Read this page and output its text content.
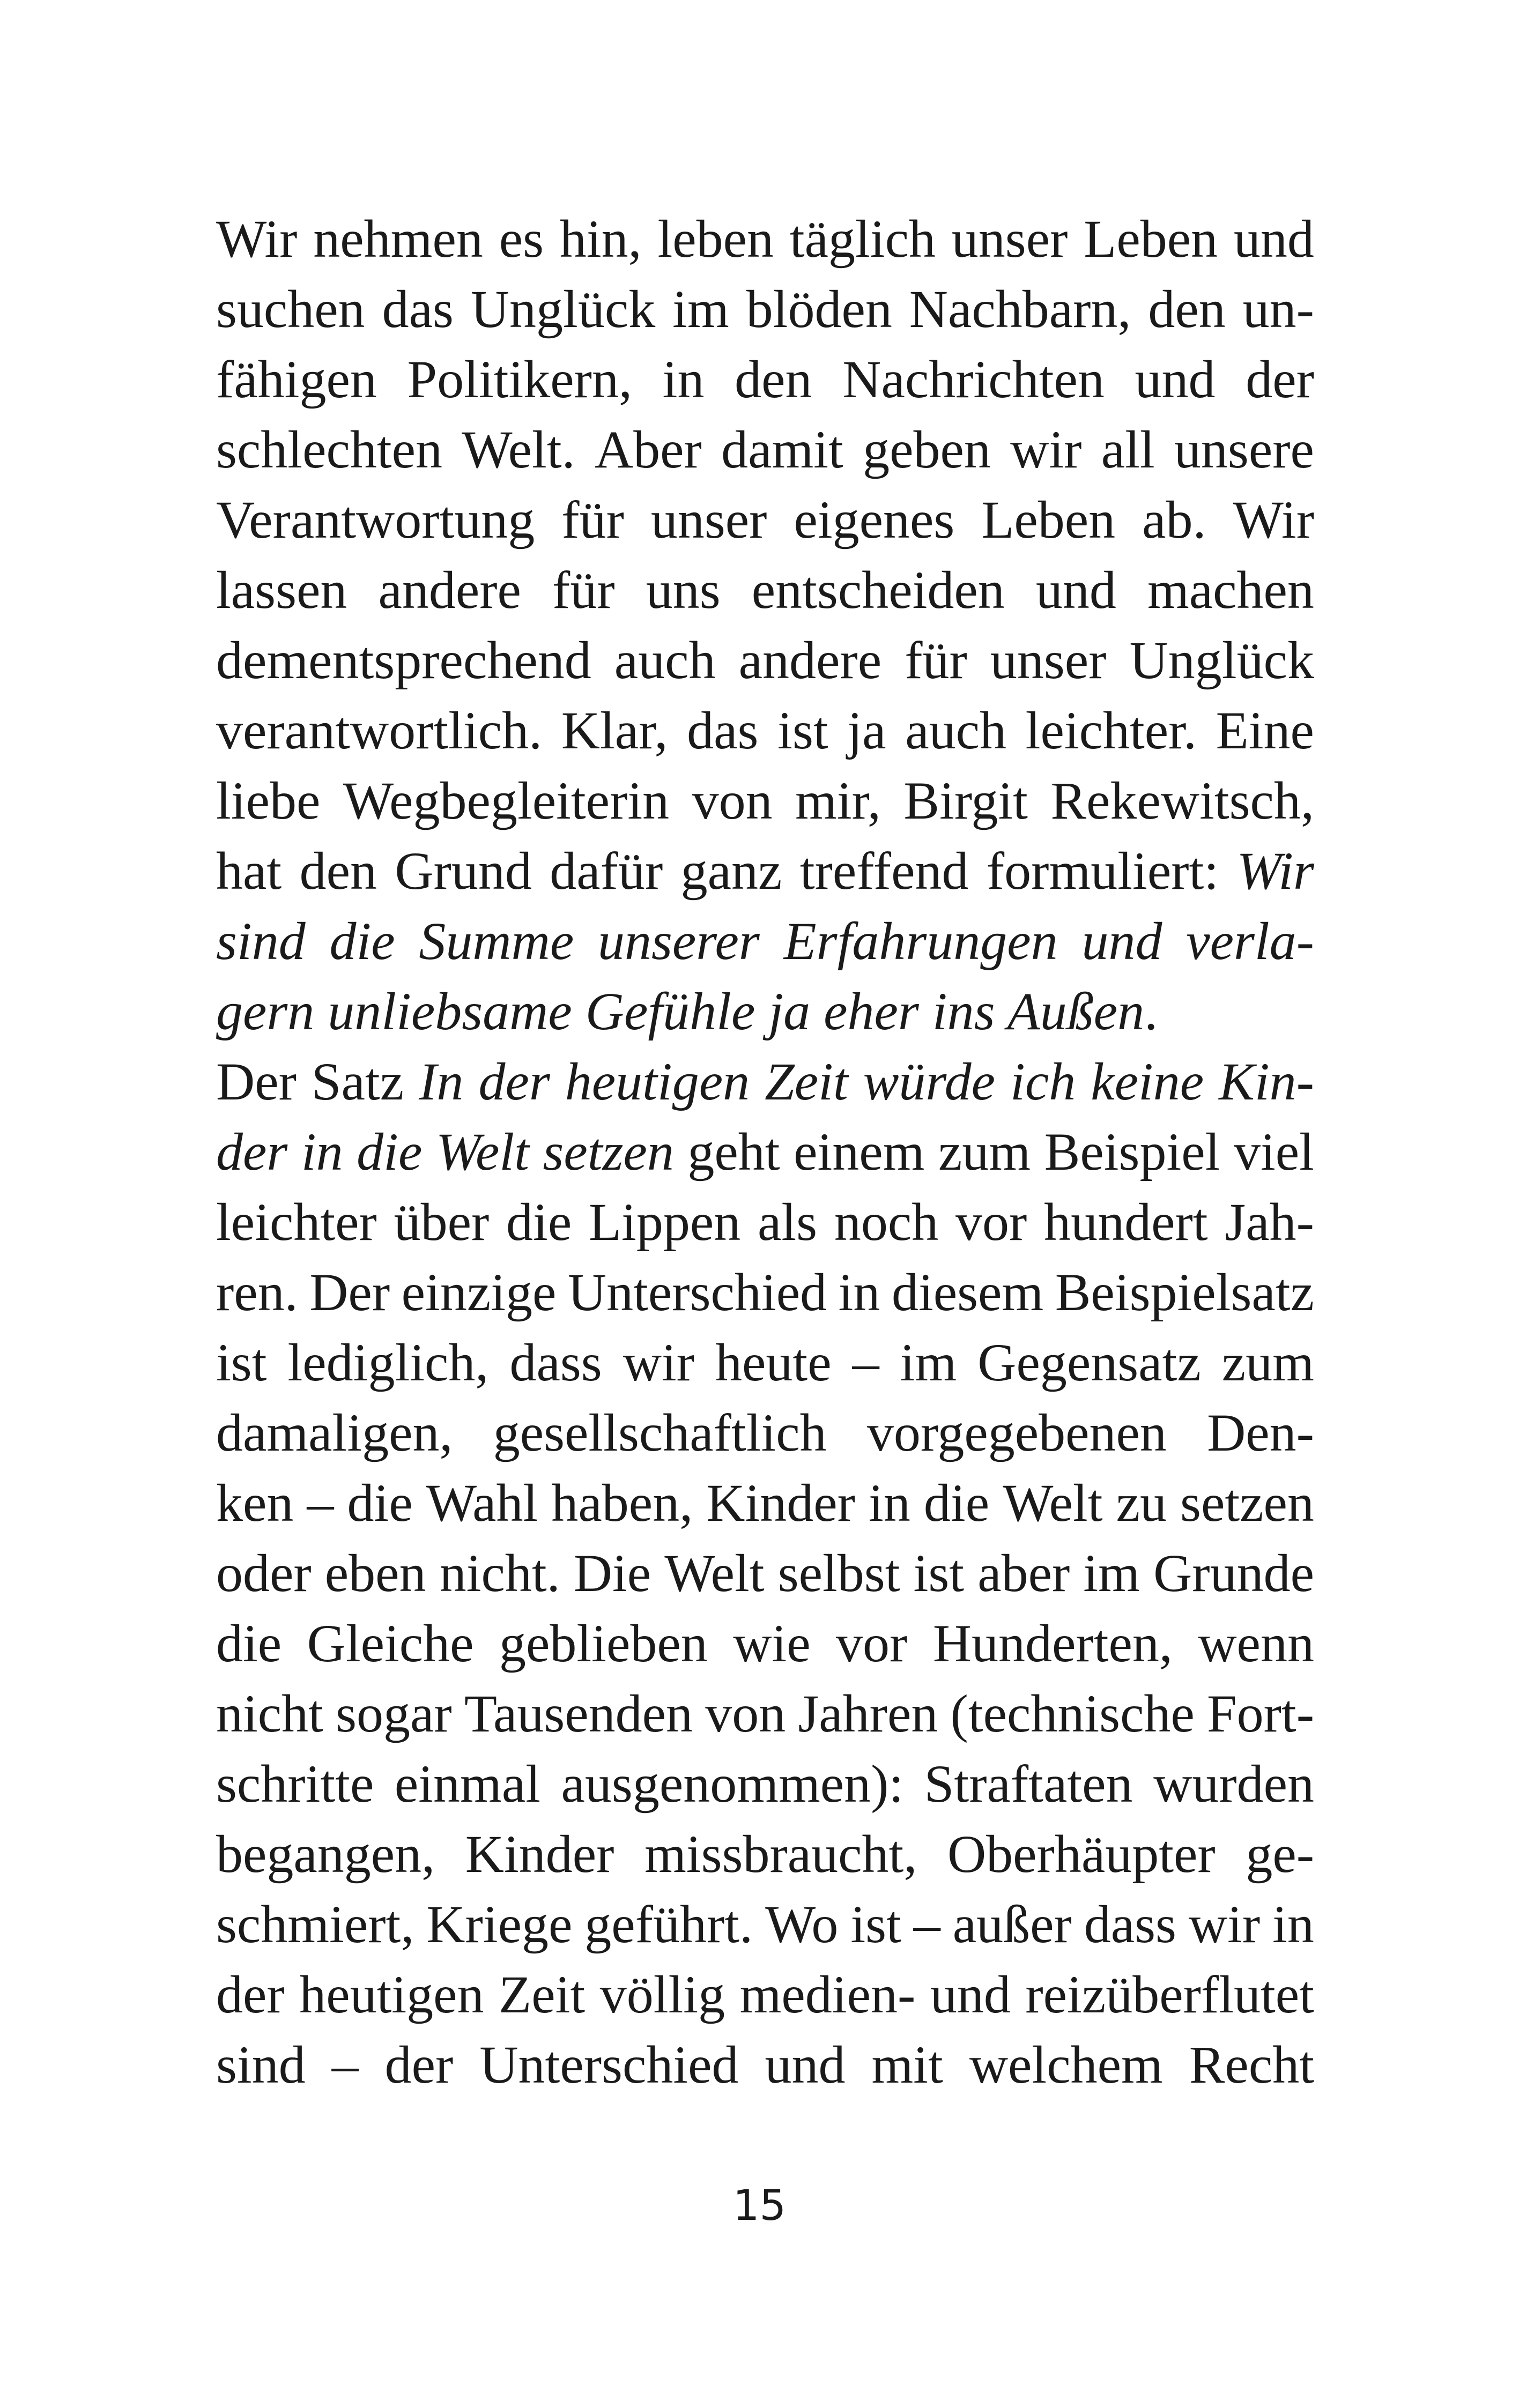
Wir nehmen es hin, leben täglich unser Leben und
suchen das Unglück im blöden Nachbarn, den un-
fähigen Politikern, in den Nachrichten und der
schlechten Welt. Aber damit geben wir all unsere
Verantwortung für unser eigenes Leben ab. Wir
lassen andere für uns entscheiden und machen
dementsprechend auch andere für unser Unglück
verantwortlich. Klar, das ist ja auch leichter. Eine
liebe Wegbegleiterin von mir, Birgit Rekewitsch,
hat den Grund dafür ganz treffend formuliert: Wir
sind die Summe unserer Erfahrungen und verla-
gern unliebsame Gefühle ja eher ins Außen.
Der Satz In der heutigen Zeit würde ich keine Kin-
der in die Welt setzen geht einem zum Beispiel viel
leichter über die Lippen als noch vor hundert Jah-
ren. Der einzige Unterschied in diesem Beispielsatz
ist lediglich, dass wir heute – im Gegensatz zum
damaligen, gesellschaftlich vorgegebenen Den-
ken – die Wahl haben, Kinder in die Welt zu setzen
oder eben nicht. Die Welt selbst ist aber im Grunde
die Gleiche geblieben wie vor Hunderten, wenn
nicht sogar Tausenden von Jahren (technische Fort-
schritte einmal ausgenommen): Straftaten wurden
begangen, Kinder missbraucht, Oberhäupter ge-
schmiert, Kriege geführt. Wo ist – außer dass wir in
der heutigen Zeit völlig medien- und reizüberflutet
sind – der Unterschied und mit welchem Recht
15
